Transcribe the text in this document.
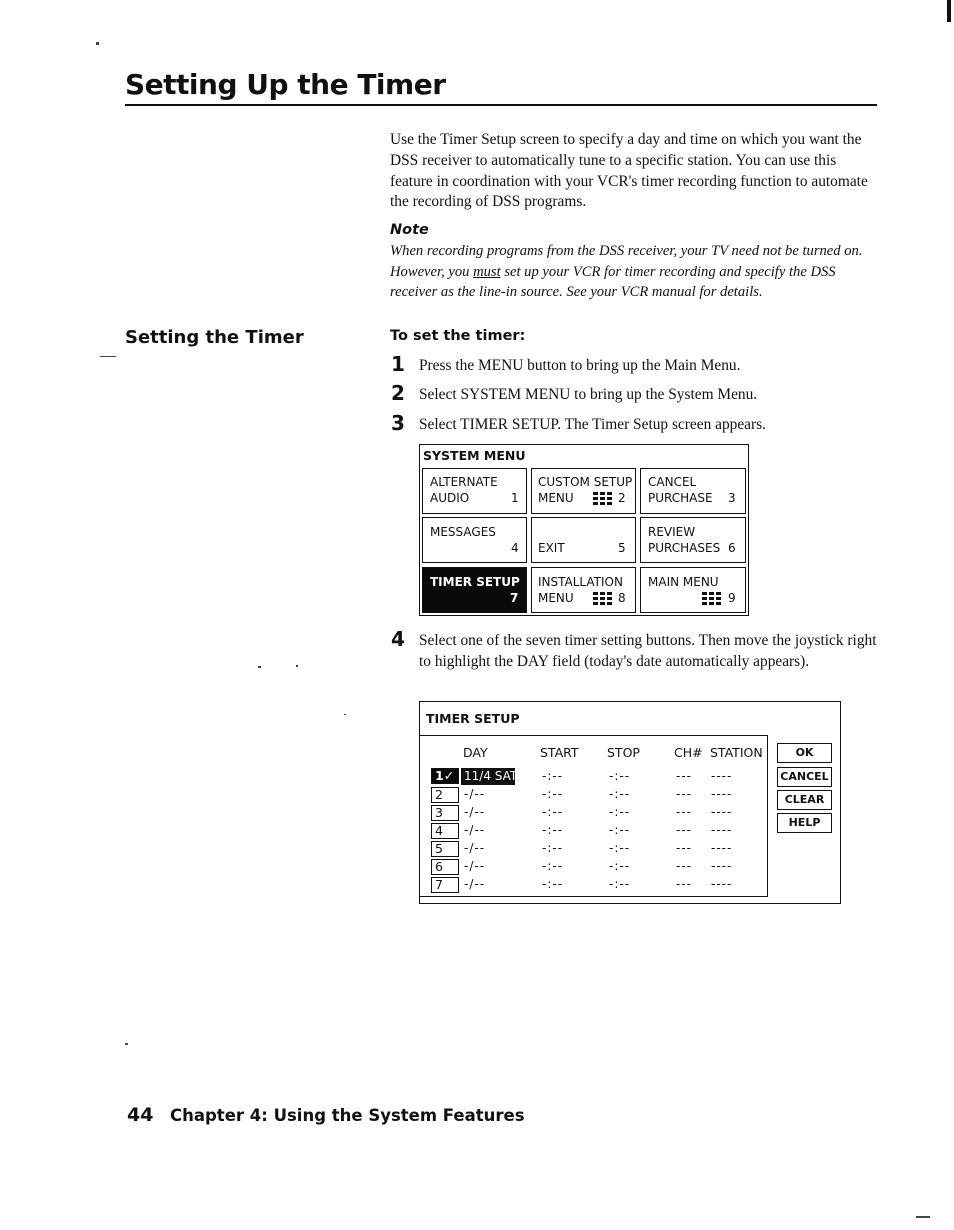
Setting Up the Timer
Use the Timer Setup screen to specify a day and time on which you want the DSS receiver to automatically tune to a specific station. You can use this feature in coordination with your VCR's timer recording function to automate the recording of DSS programs.
Note
When recording programs from the DSS receiver, your TV need not be turned on. However, you must set up your VCR for timer recording and specify the DSS receiver as the line-in source. See your VCR manual for details.
Setting the Timer	To set the timer:
1 Press the MENU button to bring up the Main Menu.
2 Select SYSTEM MENU to bring up the System Menu.
3 Select TIMER SETUP. The Timer Setup screen appears.
SYSTEM MENU
ALTERNATE
AUDIO	1
CUSTOM SETUP
MENU	2
CANCEL
PURCHASE 3
MESSAGES
4 EXIT	5
REVIEW
PURCHASES 6
TIMER SETUP
7
INSTALLATION
MENU	8
MAIN MENU
9
4 Select one of the seven timer setting buttons. Then move the joystick right to highlight the DAY field (today's date automatically appears).
TIMER SETUP
DAY	START STOP	CH# STATION
1✓ 11/4 SAT -:--	-:--	--- ----
2 -/--	-:--	-:--	--- ----
3 -/--	-:--	-:--	--- ----
4 -/--	-:--	-:--	--- ----
5 -/--	-:--	-:--	--- ----
6 -/--	-:--	-:--	--- ----
7 -/--	-:--	-:--	--- ----
OK
CANCEL
CLEAR
HELP
44 Chapter 4: Using the System Features
